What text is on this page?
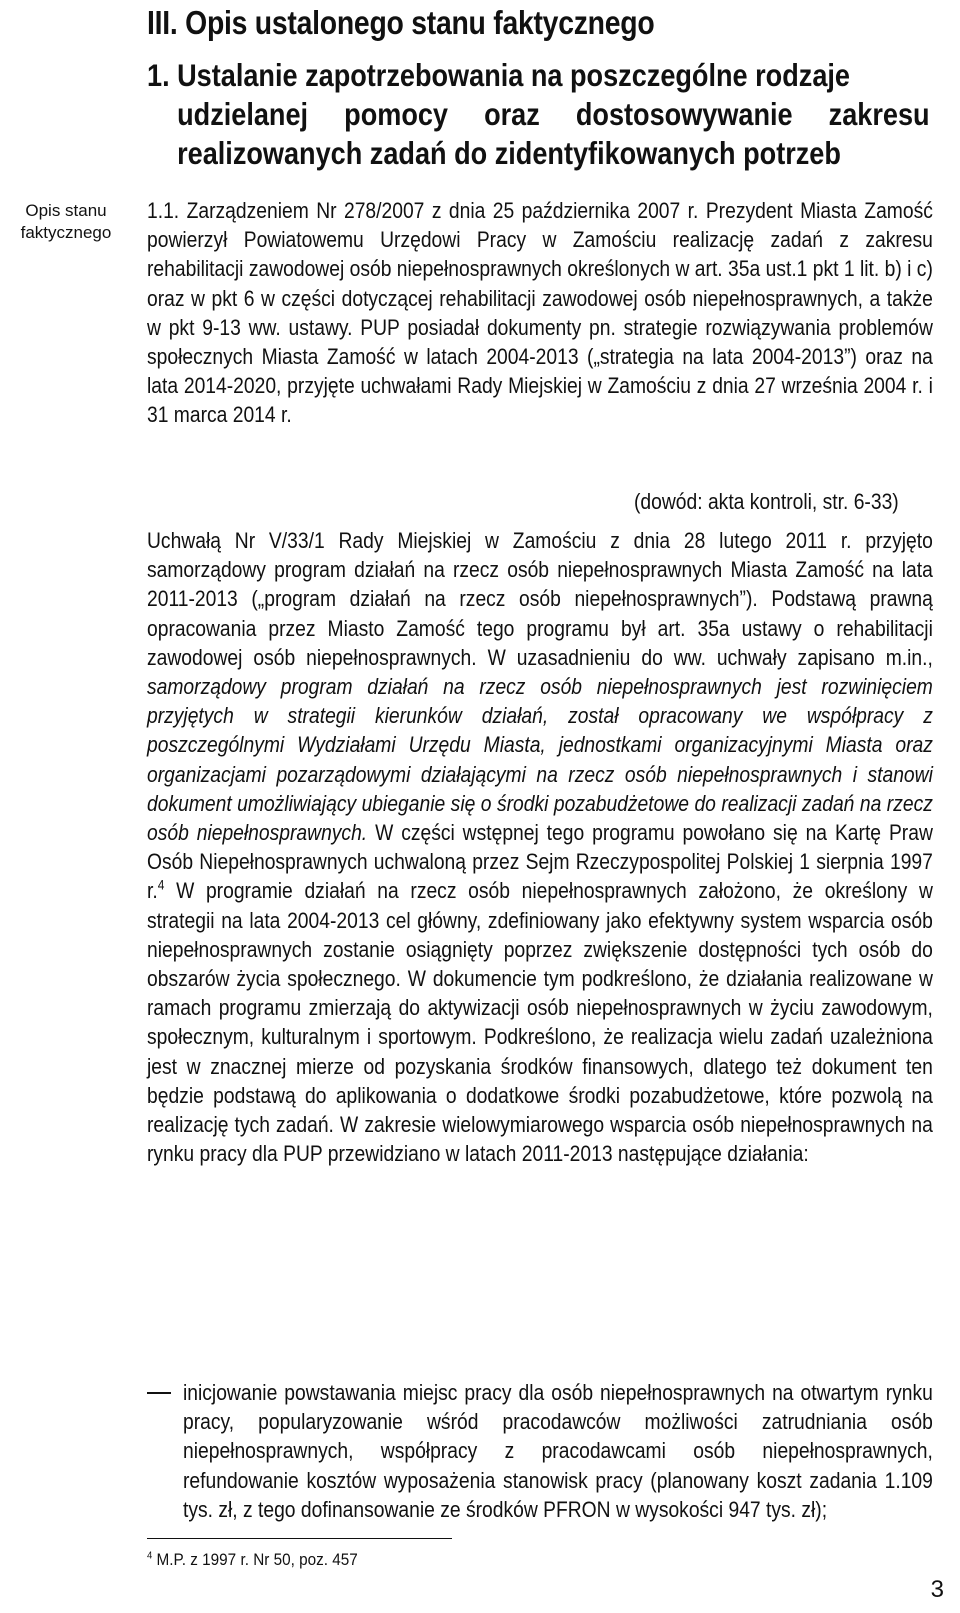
III. Opis ustalonego stanu faktycznego
1. Ustalanie zapotrzebowania na poszczególne rodzaje
udzielanej pomocy oraz dostosowywanie zakresu realizowanych zadań do zidentyfikowanych potrzeb
Opis stanu faktycznego

1.1. Zarządzeniem Nr 278/2007 z dnia 25 października 2007 r. Prezydent Miasta Zamość powierzył Powiatowemu Urzędowi Pracy w Zamościu realizację zadań z zakresu rehabilitacji zawodowej osób niepełnosprawnych określonych w art. 35a ust.1 pkt 1 lit. b) i c) oraz w pkt 6 w części dotyczącej rehabilitacji zawodowej osób niepełnosprawnych, a także w pkt 9-13 ww. ustawy. PUP posiadał dokumenty pn. strategie rozwiązywania problemów społecznych Miasta Zamość w latach 2004-2013 („strategia na lata 2004-2013”) oraz na lata 2014-2020, przyjęte uchwałami Rady Miejskiej w Zamościu z dnia 27 września 2004 r. i 31 marca 2014 r.

(dowód: akta kontroli, str. 6-33)

Uchwałą Nr V/33/1 Rady Miejskiej w Zamościu z dnia 28 lutego 2011 r. przyjęto samorządowy program działań na rzecz osób niepełnosprawnych Miasta Zamość na lata 2011-2013 („program działań na rzecz osób niepełnosprawnych”). Podstawą prawną opracowania przez Miasto Zamość tego programu był art. 35a ustawy o rehabilitacji zawodowej osób niepełnosprawnych. W uzasadnieniu do ww. uchwały zapisano m.in., samorządowy program działań na rzecz osób niepełnosprawnych jest rozwinięciem przyjętych w strategii kierunków działań, został opracowany we współpracy z poszczególnymi Wydziałami Urzędu Miasta, jednostkami organizacyjnymi Miasta oraz organizacjami pozarządowymi działającymi na rzecz osób niepełnosprawnych i stanowi dokument umożliwiający ubieganie się o środki pozabudżetowe do realizacji zadań na rzecz osób niepełnosprawnych. W części wstępnej tego programu powołano się na Kartę Praw Osób Niepełnosprawnych uchwaloną przez Sejm Rzeczypospolitej Polskiej 1 sierpnia 1997 r.$^4$ W programie działań na rzecz osób niepełnosprawnych założono, że określony w strategii na lata 2004-2013 cel główny, zdefiniowany jako efektywny system wsparcia osób niepełnosprawnych zostanie osiągnięty poprzez zwiększenie dostępności tych osób do obszarów życia społecznego. W dokumencie tym podkreślono, że działania realizowane w ramach programu zmierzają do aktywizacji osób niepełnosprawnych w życiu zawodowym, społecznym, kulturalnym i sportowym. Podkreślono, że realizacja wielu zadań uzależniona jest w znacznej mierze od pozyskania środków finansowych, dlatego też dokument ten będzie podstawą do aplikowania o dodatkowe środki pozabudżetowe, które pozwolą na realizację tych zadań. W zakresie wielowymiarowego wsparcia osób niepełnosprawnych na rynku pracy dla PUP przewidziano w latach 2011-2013 następujące działania:

inicjowanie powstawania miejsc pracy dla osób niepełnosprawnych na otwartym rynku pracy, popularyzowanie wśród pracodawców możliwości zatrudniania osób niepełnosprawnych, współpracy z pracodawcami osób niepełnosprawnych, refundowanie kosztów wyposażenia stanowisk pracy (planowany koszt zadania 1.109 tys. zł, z tego dofinansowanie ze środków PFRON w wysokości 947 tys. zł);
$^4$ M.P. z 1997 r. Nr 50, poz. 457
3
